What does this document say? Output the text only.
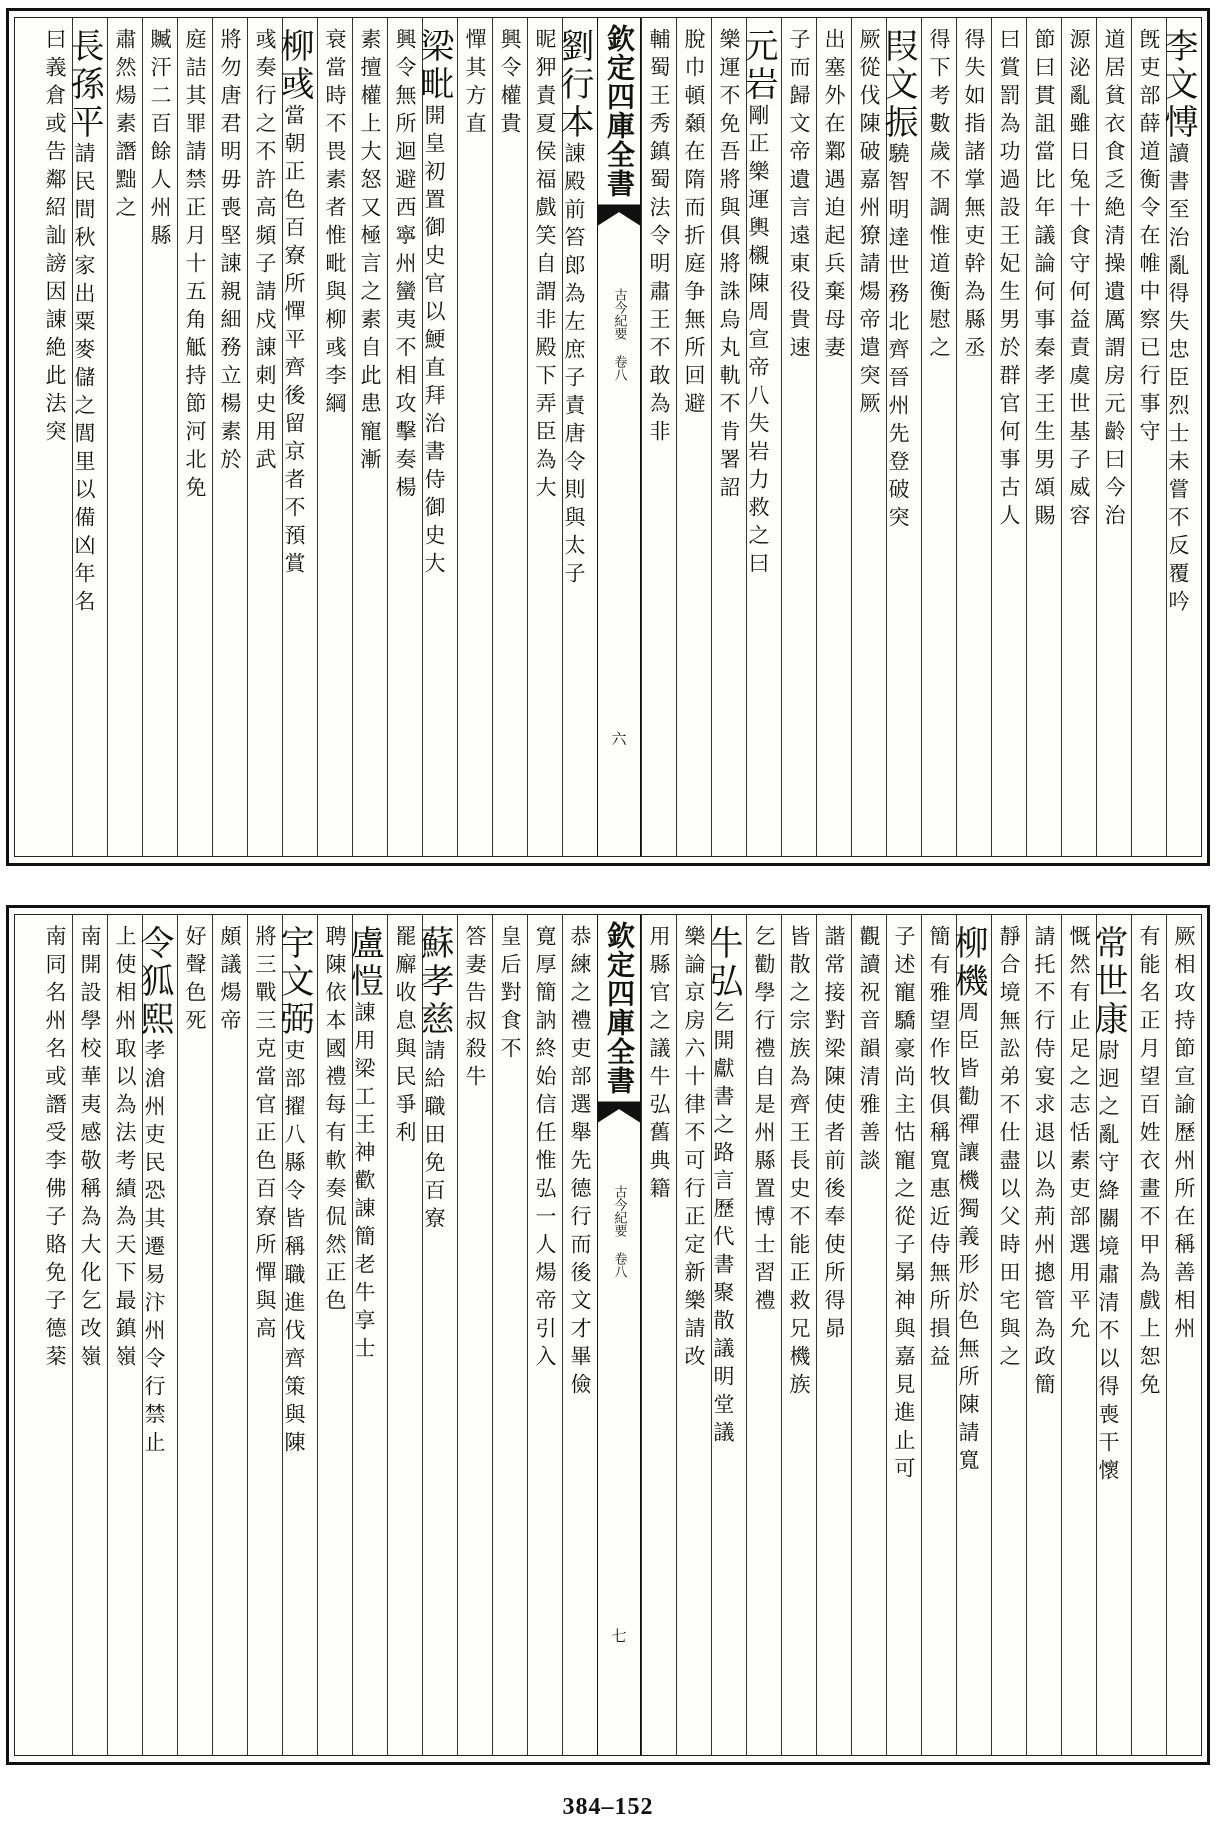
李文愽讀書至治亂得失忠臣烈士未嘗不反覆吟
旣吏部薛道衡令在帷中察已行事守
道居貧衣食乏絶清操遺厲謂房元齡曰今治
源泌亂雖日兔十食守何益責虞世基子威容
節曰貫詛當比年議論何事秦孝王生男頌賜
曰賞罰為功過設王妃生男於群官何事古人
得失如指諸掌無吏幹為縣丞
得下考數歲不調惟道衡慰之
叚文振驍智明達世務北齊晉州先登破突
厥從伐陳破嘉州獠請煬帝遣突厥
出塞外在鄴遇迫起兵棄母妻
子而歸文帝遺言遠東役貴速
元岩剛正樂運輿櫬陳周宣帝八失岩力救之曰
樂運不免吾將與俱將誅烏丸軌不肯署詔
脫巾頓顙在隋而折庭争無所回避
輔蜀王秀鎮蜀法令明肅王不敢為非
欽定四庫全書
古今紀要 卷八
六
劉行本諌殿前笞郎為左庶子責唐令則與太子
昵狎責夏侯福戲笑自謂非殿下弄臣為大
興令權貴
憚其方直
梁毗開皇初置御史官以鯁直拜治書侍御史大
興令無所迴避西寧州蠻夷不相攻擊奏楊
素擅權上大怒又極言之素自此患寵漸
衰當時不畏素者惟毗與柳彧李綱
柳彧當朝正色百寮所憚平齊後留京者不預賞
彧奏行之不許高頻子請戍諌刺史用武
將勿唐君明毋喪堅諌親細務立楊素於
庭詰其罪請禁正月十五角觝持節河北免
贓汗二百餘人州縣
肅然煬素譖黜之
長孫平請民間秋家出粟麥儲之閭里以備凶年名
曰義倉或告鄰紹訕謗因諌絶此法突
厥相攻持節宣諭歷州所在稱善相州
有能名正月望百姓衣畫不甲為戲上恕免
常世康尉迥之亂守絳關境肅清不以得喪干懷
慨然有止足之志恬素吏部選用平允
請托不行侍宴求退以為荊州摠管為政簡
靜合境無訟弟不仕盡以父時田宅與之
柳機周臣皆勸禪讓機獨義形於色無所陳請寬
簡有雅望作牧俱稱寬惠近侍無所損益
子述寵驕豪尚主怙寵之從子晜神與嘉見進止可
觀讀祝音韻清雅善談
諧常接對梁陳使者前後奉使所得昴
皆散之宗族為齊王長史不能正救兄機族
乞勸學行禮自是州縣置博士習禮
牛弘乞開獻書之路言歷代書聚散議明堂議
樂論京房六十律不可行正定新樂請改
用縣官之議牛弘舊典籍
欽定四庫全書
古今紀要 卷八
七
恭練之禮吏部選舉先德行而後文才畢儉
寛厚簡訥終始信任惟弘一人煬帝引入
皇后對食不
答妻告叔殺牛
蘇孝慈請給職田免百寮
罷廨收息與民爭利
盧愷諌用梁工王神歡諌簡老牛享士
聘陳依本國禮每有軟奏侃然正色
宇文弼吏部擢八縣令皆稱職進伐齊策與陳
將三戰三克當官正色百寮所憚與高
頗議煬帝
好聲色死
令狐熙孝滄州吏民恐其遷易汴州令行禁止
上使相州取以為法考績為天下最鎮嶺
南開設學校華夷感敬稱為大化乞改嶺
南同名州名或譖受李佛子賂免子德棻
384–152
